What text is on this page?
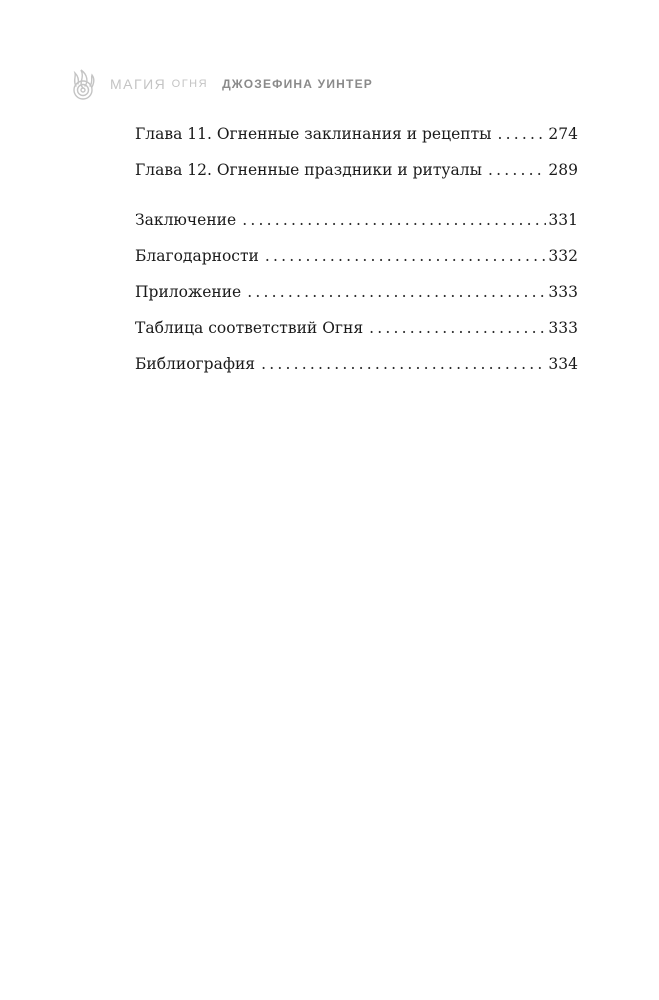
МАГИЯ ОГНЯ ДЖОЗЕФИНА УИНТЕР
Глава 11. Огненные заклинания и рецепты .....	274
Глава 12. Огненные праздники и ритуалы .....	289
Заключение .....	331
Благодарности .....	332
Приложение .....	333
Таблица соответствий Огня .....	333
Библиография .....	334
